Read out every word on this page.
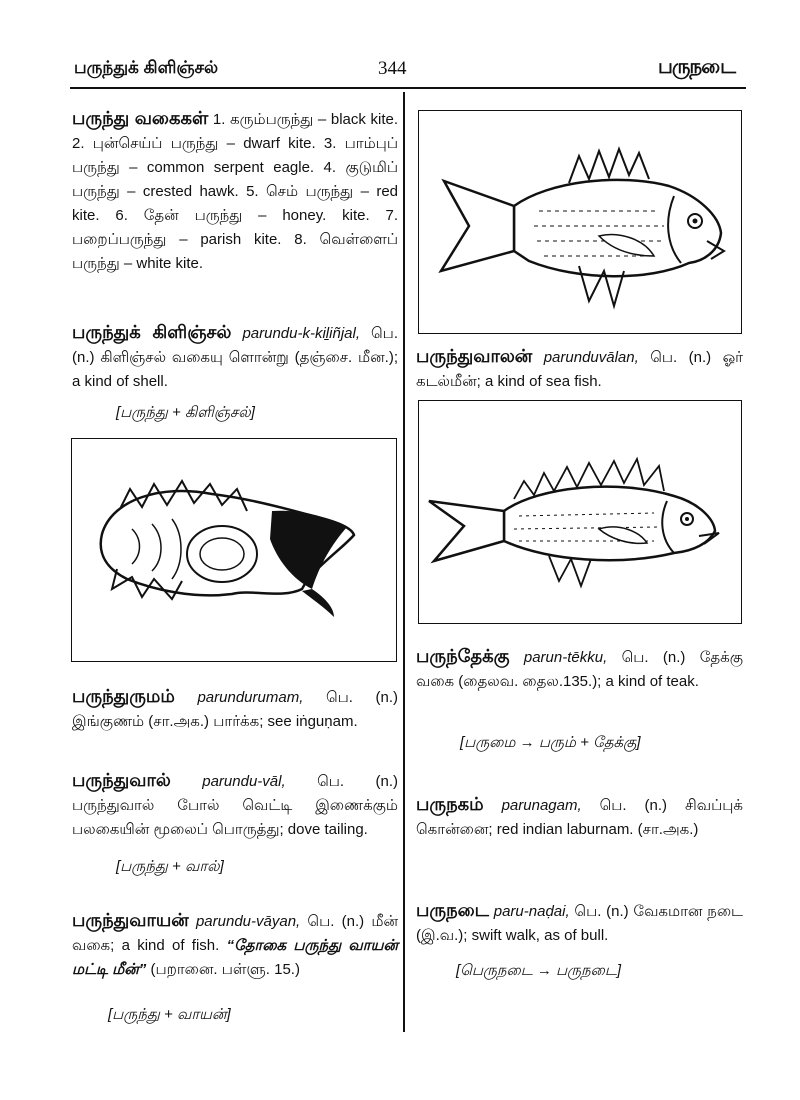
பருந்துக் கிளிஞ்சல்	344	பருநடை
பருந்து வகைகள் 1. கரும்பருந்து – black kite. 2. புன்செய்ப் பருந்து – dwarf kite. 3. பாம்புப் பருந்து – common serpent eagle. 4. குடுமிப் பருந்து – crested hawk. 5. செம் பருந்து – red kite. 6. தேன் பருந்து – honey. kite. 7. பறைப்பருந்து – parish kite. 8. வெள்ளைப் பருந்து – white kite.
பருந்துக் கிளிஞ்சல் parundu-k-kiḻiñjal, பெ. (n.) கிளிஞ்சல் வகையு ளொன்று (தஞ்சை. மீன.); a kind of shell.
[பருந்து + கிளிஞ்சல்]
பருந்துருமம் parundurumam, பெ. (n.) இங்குணம் (சா.அக.) பார்க்க; see iṅguṇam.
பருந்துவால் parundu-vāl, பெ. (n.) பருந்துவால் போல் வெட்டி இணைக்கும் பலகையின் மூலைப் பொருத்து; dove tailing.
[பருந்து + வால்]
பருந்துவாயன் parundu-vāyan, பெ. (n.) மீன் வகை; a kind of fish. “தோகை பருந்து வாயன் மட்டி மீன்” (பறானை. பள்ளு. 15.)
[பருந்து + வாயன்]
பருந்துவாலன் parunduvālan, பெ. (n.) ஓர் கடல்மீன்; a kind of sea fish.
பருந்தேக்கு parun-tēkku, பெ. (n.) தேக்கு வகை (தைலவ. தைல.135.); a kind of teak.
[பருமை → பரும் + தேக்கு]
பருநகம் parunagam, பெ. (n.) சிவப்புக் கொன்னை; red indian laburnam. (சா.அக.)
பருநடை paru-naḍai, பெ. (n.) வேகமான நடை (இ.வ.); swift walk, as of bull.
[பெருநடை → பருநடை]
